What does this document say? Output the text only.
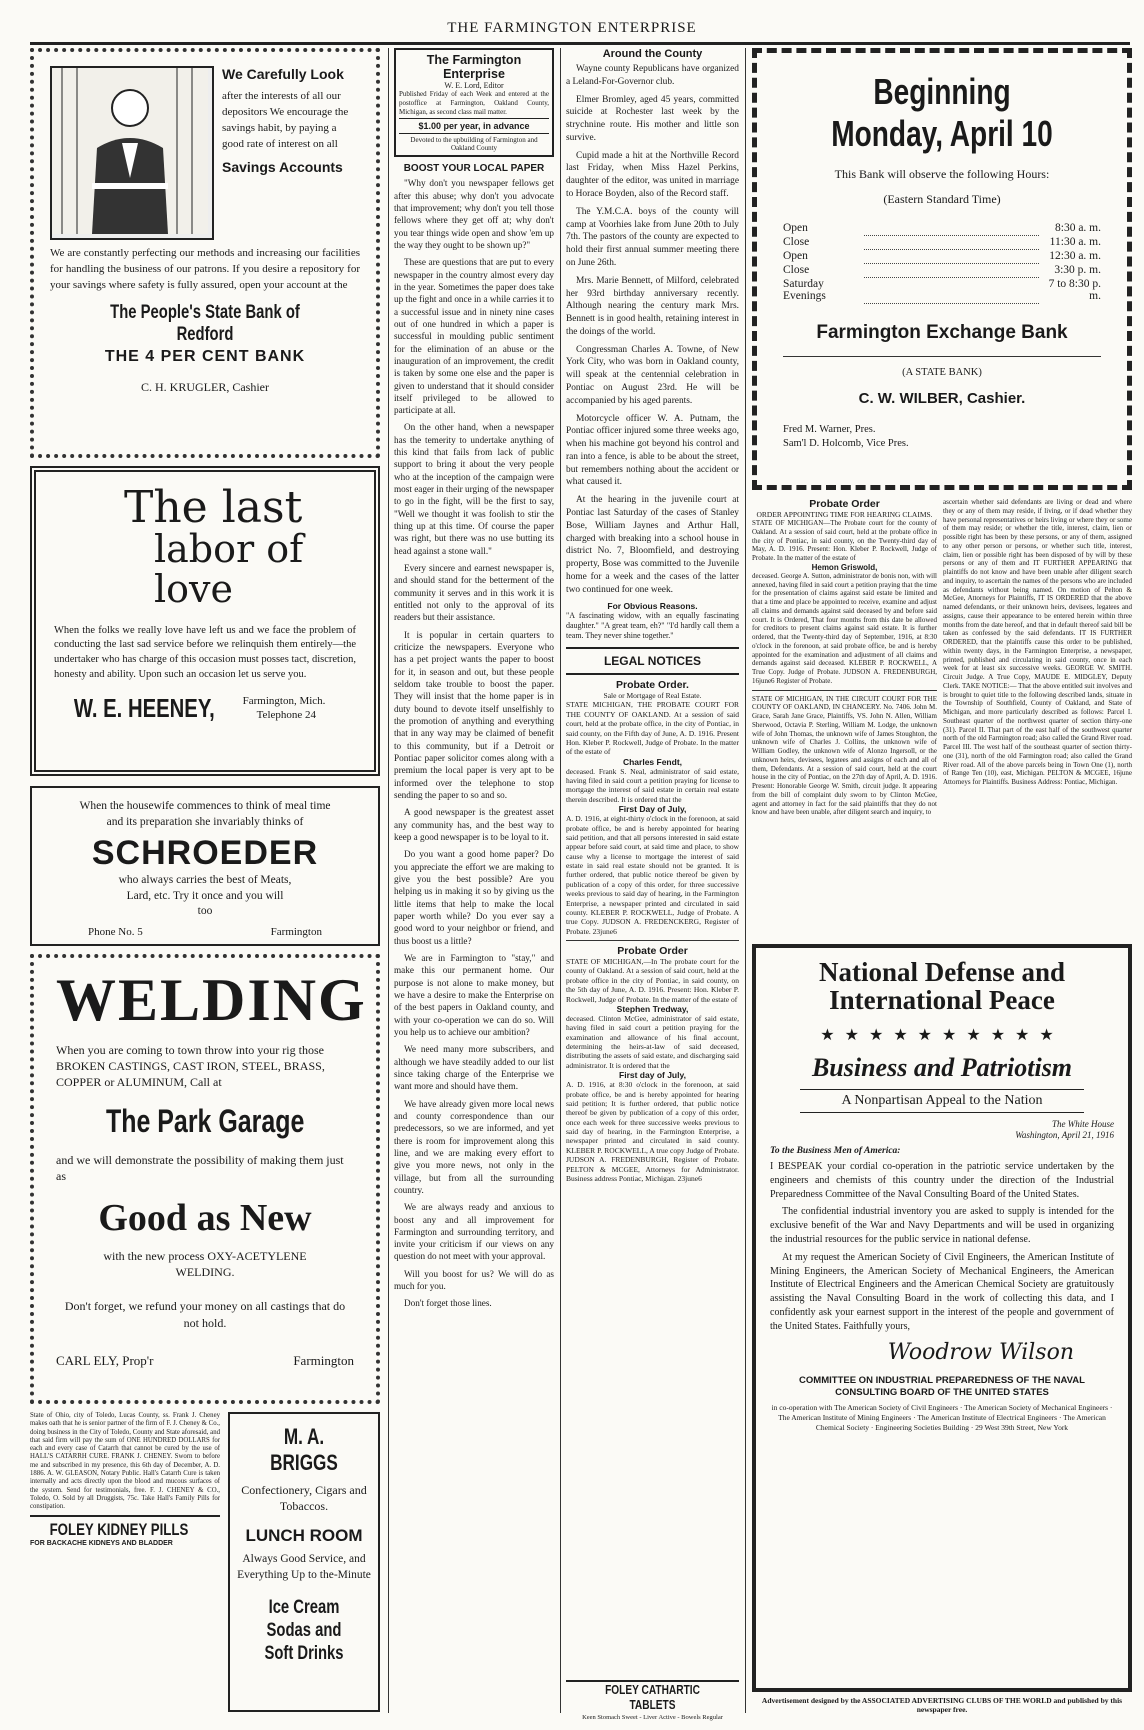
THE FARMINGTON ENTERPRISE
We Carefully Look
after the interests of all our depositors We encourage the savings habit, by paying a good rate of interest on all
Savings Accounts
We are constantly perfecting our methods and increasing our facilities for handling the business of our patrons. If you desire a repository for your savings where safety is fully assured, open your account at the
The People's State Bank of Redford
THE 4 PER CENT BANK
C. H. KRUGLER, Cashier
The last
labor of love
When the folks we really love have left us and we face the problem of conducting the last sad service before we relinquish them entirely—the undertaker who has charge of this occasion must posses tact, discretion, honesty and ability. Upon such an occasion let us serve you.
W. E. HEENEY,	Farmington, Mich.
Telephone 24
When the housewife commences to think of meal time and its preparation she invariably thinks of
SCHROEDER
who always carries the best of Meats, Lard, etc. Try it once and you will too
Phone No. 5	Farmington
WELDING
When you are coming to town throw into your rig those BROKEN CASTINGS, CAST IRON, STEEL, BRASS, COPPER or ALUMINUM, Call at
The Park Garage
and we will demonstrate the possibility of making them just as
Good as New
with the new process OXY-ACETYLENE WELDING.
Don't forget, we refund your money on all castings that do not hold.
CARL ELY, Prop'r	Farmington
State of Ohio, city of Toledo, Lucas County, ss. Frank J. Cheney makes oath that he is senior partner of the firm of F. J. Cheney & Co., doing business in the City of Toledo, County and State aforesaid, and that said firm will pay the sum of ONE HUNDRED DOLLARS for each and every case of Catarrh that cannot be cured by the use of HALL'S CATARRH CURE. FRANK J. CHENEY. Sworn to before me and subscribed in my presence, this 6th day of December, A. D. 1886. A. W. GLEASON, Notary Public. Hall's Catarrh Cure is taken internally and acts directly upon the blood and mucous surfaces of the system. Send for testimonials, free. F. J. CHENEY & CO., Toledo, O. Sold by all Druggists, 75c. Take Hall's Family Pills for constipation.
FOLEY KIDNEY PILLS
FOR BACKACHE KIDNEYS AND BLADDER
M. A. BRIGGS
Confectionery, Cigars and Tobaccos.
LUNCH ROOM
Always Good Service, and Everything Up to the-Minute
Ice Cream Sodas and Soft Drinks
The Farmington Enterprise
W. E. Lord, Editor
Published Friday of each Week and entered at the postoffice at Farmington, Oakland County, Michigan, as second class mail matter.
$1.00 per year, in advance
Devoted to the upbuilding of Farmington and Oakland County
BOOST YOUR LOCAL PAPER

"Why don't you newspaper fellows get after this abuse; why don't you advocate that improvement; why don't you tell those fellows where they get off at; why don't you tear things wide open and show 'em up the way they ought to be shown up?"

These are questions that are put to every newspaper in the country almost every day in the year. Sometimes the paper does take up the fight and once in a while carries it to a successful issue and in ninety nine cases out of one hundred in which a paper is successful in moulding public sentiment for the elimination of an abuse or the inauguration of an improvement, the credit is taken by some one else and the paper is given to understand that it should consider itself privileged to be allowed to participate at all.

On the other hand, when a newspaper has the temerity to undertake anything of this kind that fails from lack of public support to bring it about the very people who at the inception of the campaign were most eager in their urging of the newspaper to go in the fight, will be the first to say, "Well we thought it was foolish to stir the thing up at this time. Of course the paper was right, but there was no use butting its head against a stone wall."

Every sincere and earnest newspaper is, and should stand for the betterment of the community it serves and in this work it is entitled not only to the approval of its readers but their assistance.

It is popular in certain quarters to criticize the newspapers. Everyone who has a pet project wants the paper to boost for it, in season and out, but these people seldom take trouble to boost the paper. They will insist that the home paper is in duty bound to devote itself unselfishly to the promotion of anything and everything that in any way may be claimed of benefit to this community, but if a Detroit or Pontiac paper solicitor comes along with a premium the local paper is very apt to be informed over the telephone to stop sending the paper to so and so.

A good newspaper is the greatest asset any community has, and the best way to keep a good newspaper is to be loyal to it.

Do you want a good home paper? Do you appreciate the effort we are making to give you the best possible? Are you helping us in making it so by giving us the little items that help to make the local paper worth while? Do you ever say a good word to your neighbor or friend, and thus boost us a little?

We are in Farmington to "stay," and make this our permanent home. Our purpose is not alone to make money, but we have a desire to make the Enterprise on of the best papers in Oakland county, and with your co-operation we can do so. Will you help us to achieve our ambition?

We need many more subscribers, and although we have steadily added to our list since taking charge of the Enterprise we want more and should have them.

We have already given more local news and county correspondence than our predecessors, so we are informed, and yet there is room for improvement along this line, and we are making every effort to give you more news, not only in the village, but from all the surrounding country.

We are always ready and anxious to boost any and all improvement for Farmington and surrounding territory, and invite your criticism if our views on any question do not meet with your approval.

Will you boost for us? We will do as much for you.

Don't forget those lines.

Around the County

Wayne county Republicans have organized a Leland-For-Governor club.

Elmer Bromley, aged 45 years, committed suicide at Rochester last week by the strychnine route. His mother and little son survive.

Cupid made a hit at the Northville Record last Friday, when Miss Hazel Perkins, daughter of the editor, was united in marriage to Horace Boyden, also of the Record staff.

The Y.M.C.A. boys of the county will camp at Voorhies lake from June 20th to July 7th. The pastors of the county are expected to hold their first annual summer meeting there on June 26th.

Mrs. Marie Bennett, of Milford, celebrated her 93rd birthday anniversary recently. Although nearing the century mark Mrs. Bennett is in good health, retaining interest in the doings of the world.

Congressman Charles A. Towne, of New York City, who was born in Oakland county, will speak at the centennial celebration in Pontiac on August 23rd. He will be accompanied by his aged parents.

Motorcycle officer W. A. Putnam, the Pontiac officer injured some three weeks ago, when his machine got beyond his control and ran into a fence, is able to be about the street, but remembers nothing about the accident or what caused it.

At the hearing in the juvenile court at Pontiac last Saturday of the cases of Stanley Bose, William Jaynes and Arthur Hall, charged with breaking into a school house in district No. 7, Bloomfield, and destroying property, Bose was committed to the Juvenile home for a week and the cases of the latter two continued for one week.

For Obvious Reasons.
"A fascinating widow, with an equally fascinating daughter." "A great team, eh?" "I'd hardly call them a team. They never shine together."
LEGAL NOTICES
Probate Order.
Sale or Mortgage of Real Estate.
STATE MICHIGAN, THE PROBATE COURT FOR THE COUNTY OF OAKLAND. At a session of said court, held at the probate office, in the city of Pontiac, in said county, on the Fifth day of June, A. D. 1916. Present Hon. Kleber P. Rockwell, Judge of Probate. In the matter of the estate of
Charles Fendt,
deceased. Frank S. Neal, administrator of said estate, having filed in said court a petition praying for license to mortgage the interest of said estate in certain real estate therein described. It is ordered that the
First Day of July,
A. D. 1916, at eight-thirty o'clock in the forenoon, at said probate office, be and is hereby appointed for hearing said petition, and that all persons interested in said estate appear before said court, at said time and place, to show cause why a license to mortgage the interest of said estate in said real estate should not be granted. It is further ordered, that public notice thereof be given by publication of a copy of this order, for three successive weeks previous to said day of hearing, in the Farmington Enterprise, a newspaper printed and circulated in said county. KLEBER P. ROCKWELL, Judge of Probate. A true Copy. JUDSON A. FREDENCKERG, Register of Probate. 23june6
Probate Order
STATE OF MICHIGAN,—In The probate court for the county of Oakland. At a session of said court, held at the probate office in the city of Pontiac, in said county, on the 5th day of June, A. D. 1916. Present: Hon. Kleber P. Rockwell, Judge of Probate. In the matter of the estate of
Stephen Tredway,
deceased. Clinton McGee, administrator of said estate, having filed in said court a petition praying for the examination and allowance of his final account, determining the heirs-at-law of said deceased, distributing the assets of said estate, and discharging said administrator. It is ordered that the
First day of July,
A. D. 1916, at 8:30 o'clock in the forenoon, at said probate office, be and is hereby appointed for hearing said petition; It is further ordered, that public notice thereof be given by publication of a copy of this order, once each week for three successive weeks previous to said day of hearing, in the Farmington Enterprise, a newspaper printed and circulated in said county. KLEBER P. ROCKWELL, A true copy Judge of Probate. JUDSON A. FREDENBURGH, Register of Probate. PELTON & MCGEE, Attorneys for Administrator. Business address Pontiac, Michigan. 23june6
FOLEY CATHARTIC TABLETS
Keen Stomach Sweet - Liver Active - Bowels Regular
Beginning Monday, April 10
This Bank will observe the following Hours:
(Eastern Standard Time)
Open		8:30 a. m.
Close		11:30 a. m.
Open		12:30 a. m.
Close		3:30 p. m.
Saturday Evenings		7 to 8:30 p. m.
Farmington Exchange Bank
(A STATE BANK)
C. W. WILBER, Cashier.
Fred M. Warner, Pres.
Sam'l D. Holcomb, Vice Pres.
Probate Order
ORDER APPOINTING TIME FOR HEARING CLAIMS.
STATE OF MICHIGAN—The Probate court for the county of Oakland. At a session of said court, held at the probate office in the city of Pontiac, in said county, on the Twenty-third day of May, A. D. 1916. Present: Hon. Kleber P. Rockwell, Judge of Probate. In the matter of the estate of
Hemon Griswold,
deceased. George A. Sutton, administrator de bonis non, with will annexed, having filed in said court a petition praying that the time for the presentation of claims against said estate be limited and that a time and place be appointed to receive, examine and adjust all claims and demands against said deceased by and before said court. It is Ordered, That four months from this date be allowed for creditors to present claims against said estate. It is further ordered, that the Twenty-third day of September, 1916, at 8:30 o'clock in the forenoon, at said probate office, be and is hereby appointed for the examination and adjustment of all claims and demands against said deceased. KLEBER P. ROCKWELL, A True Copy. Judge of Probate. JUDSON A. FREDENBURGH, 16june6 Register of Probate.
STATE OF MICHIGAN, IN THE CIRCUIT COURT FOR THE COUNTY OF OAKLAND, IN CHANCERY. No. 7406. John M. Grace, Sarah Jane Grace, Plaintiffs, VS. John N. Allen, William Sherwood, Octavia P. Sterling, William M. Lodge, the unknown wife of John Thomas, the unknown wife of James Stoughton, the unknown wife of Charles J. Collins, the unknown wife of William Godley, the unknown wife of Alonzo Ingersoll, or the unknown heirs, devisees, legatees and assigns of each and all of them, Defendants. At a session of said court, held at the court house in the city of Pontiac, on the 27th day of April, A. D. 1916. Present: Honorable George W. Smith, circuit judge. It appearing from the bill of complaint duly sworn to by Clinton McGee, agent and attorney in fact for the said plaintiffs that they do not know and have been unable, after diligent search and inquiry, to
ascertain whether said defendants are living or dead and where they or any of them may reside, if living, or if dead whether they have personal representatives or heirs living or where they or some of them may reside; or whether the title, interest, claim, lien or possible right has been by these persons, or any of them, assigned to any other person or persons, or whether such title, interest, claim, lien or possible right has been disposed of by will by these persons or any of them and IT FURTHER APPEARING that plaintiffs do not know and have been unable after diligent search and inquiry, to ascertain the names of the persons who are included as defendants without being named. On motion of Pelton & McGee, Attorneys for Plaintiffs, IT IS ORDERED that the above named defendants, or their unknown heirs, devisees, legatees and assigns, cause their appearance to be entered herein within three months from the date hereof, and that in default thereof said bill be taken as confessed by the said defendants. IT IS FURTHER ORDERED, that the plaintiffs cause this order to be published, within twenty days, in the Farmington Enterprise, a newspaper, printed, published and circulating in said county, once in each week for at least six successive weeks. GEORGE W. SMITH. Circuit Judge. A True Copy, MAUDE E. MIDGLEY, Deputy Clerk. TAKE NOTICE:— That the above entitled suit involves and is brought to quiet title to the following described lands, situate in the Township of Southfield, County of Oakland, and State of Michigan, and more particularly described as follows: Parcel I. Southeast quarter of the northwest quarter of section thirty-one (31). Parcel II. That part of the east half of the southwest quarter north of the old Farmington road; also called the Grand River road. Parcel III. The west half of the southeast quarter of section thirty-one (31), north of the old Farmington road; also called the Grand River road. All of the above parcels being in Town One (1), north of Range Ten (10), east, Michigan. PELTON & MCGEE, 16june Attorneys for Plaintiffs. Business Address: Pontiac, Michigan.
National Defense and
International Peace
★★★★★★★★★★
Business and Patriotism
A Nonpartisan Appeal to the Nation
The White House
Washington, April 21, 1916
To the Business Men of America:

I BESPEAK your cordial co-operation in the patriotic service undertaken by the engineers and chemists of this country under the direction of the Industrial Preparedness Committee of the Naval Consulting Board of the United States.

The confidential industrial inventory you are asked to supply is intended for the exclusive benefit of the War and Navy Departments and will be used in organizing the industrial resources for the public service in national defense.

At my request the American Society of Civil Engineers, the American Institute of Mining Engineers, the American Society of Mechanical Engineers, the American Institute of Electrical Engineers and the American Chemical Society are gratuitously assisting the Naval Consulting Board in the work of collecting this data, and I confidently ask your earnest support in the interest of the people and government of the United States. Faithfully yours,

Woodrow Wilson
COMMITTEE ON INDUSTRIAL PREPAREDNESS OF THE NAVAL CONSULTING BOARD OF THE UNITED STATES
in co-operation with The American Society of Civil Engineers · The American Society of Mechanical Engineers · The American Institute of Mining Engineers · The American Institute of Electrical Engineers · The American Chemical Society · Engineering Societies Building · 29 West 39th Street, New York
Advertisement designed by the ASSOCIATED ADVERTISING CLUBS OF THE WORLD and published by this newspaper free.
